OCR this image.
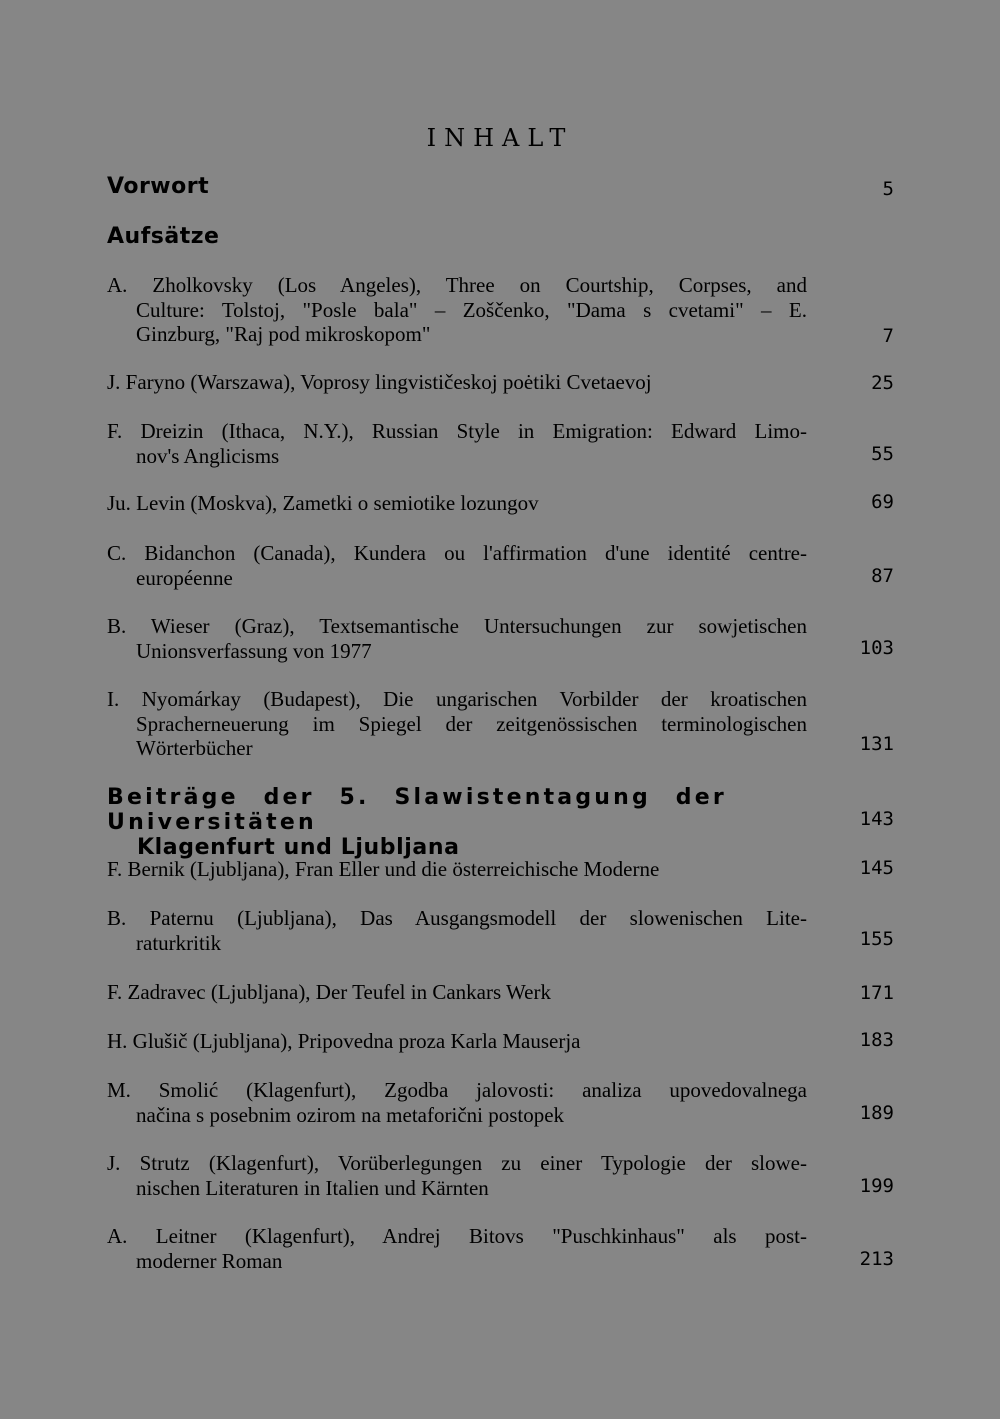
INHALT
Vorwort	5
Aufsätze
A. Zholkovsky (Los Angeles), Three on Courtship, Corpses, and
Culture: Tolstoj, "Posle bala" – Zoščenko, "Dama s cvetami" – E.
Ginzburg, "Raj pod mikroskopom"	7
J. Faryno (Warszawa), Voprosy lingvističeskoj poėtiki Cvetaevoj	25
F. Dreizin (Ithaca, N.Y.), Russian Style in Emigration: Edward Limo-
nov's Anglicisms	55
Ju. Levin (Moskva), Zametki o semiotike lozungov	69
C. Bidanchon (Canada), Kundera ou l'affirmation d'une identité centre-
européenne	87
B. Wieser (Graz), Textsemantische Untersuchungen zur sowjetischen
Unionsverfassung von 1977	103
I. Nyomárkay (Budapest), Die ungarischen Vorbilder der kroatischen
Spracherneuerung im Spiegel der zeitgenössischen terminologischen
Wörterbücher	131
Beiträge der 5. Slawistentagung der Universitäten
Klagenfurt und Ljubljana
143
F. Bernik (Ljubljana), Fran Eller und die österreichische Moderne	145
B. Paternu (Ljubljana), Das Ausgangsmodell der slowenischen Lite-
raturkritik	155
F. Zadravec (Ljubljana), Der Teufel in Cankars Werk	171
H. Glušič (Ljubljana), Pripovedna proza Karla Mauserja	183
M. Smolić (Klagenfurt), Zgodba jalovosti: analiza upovedovalnega
načina s posebnim ozirom na metaforični postopek	189
J. Strutz (Klagenfurt), Vorüberlegungen zu einer Typologie der slowe-
nischen Literaturen in Italien und Kärnten	199
A. Leitner (Klagenfurt), Andrej Bitovs "Puschkinhaus" als post-
moderner Roman	213
